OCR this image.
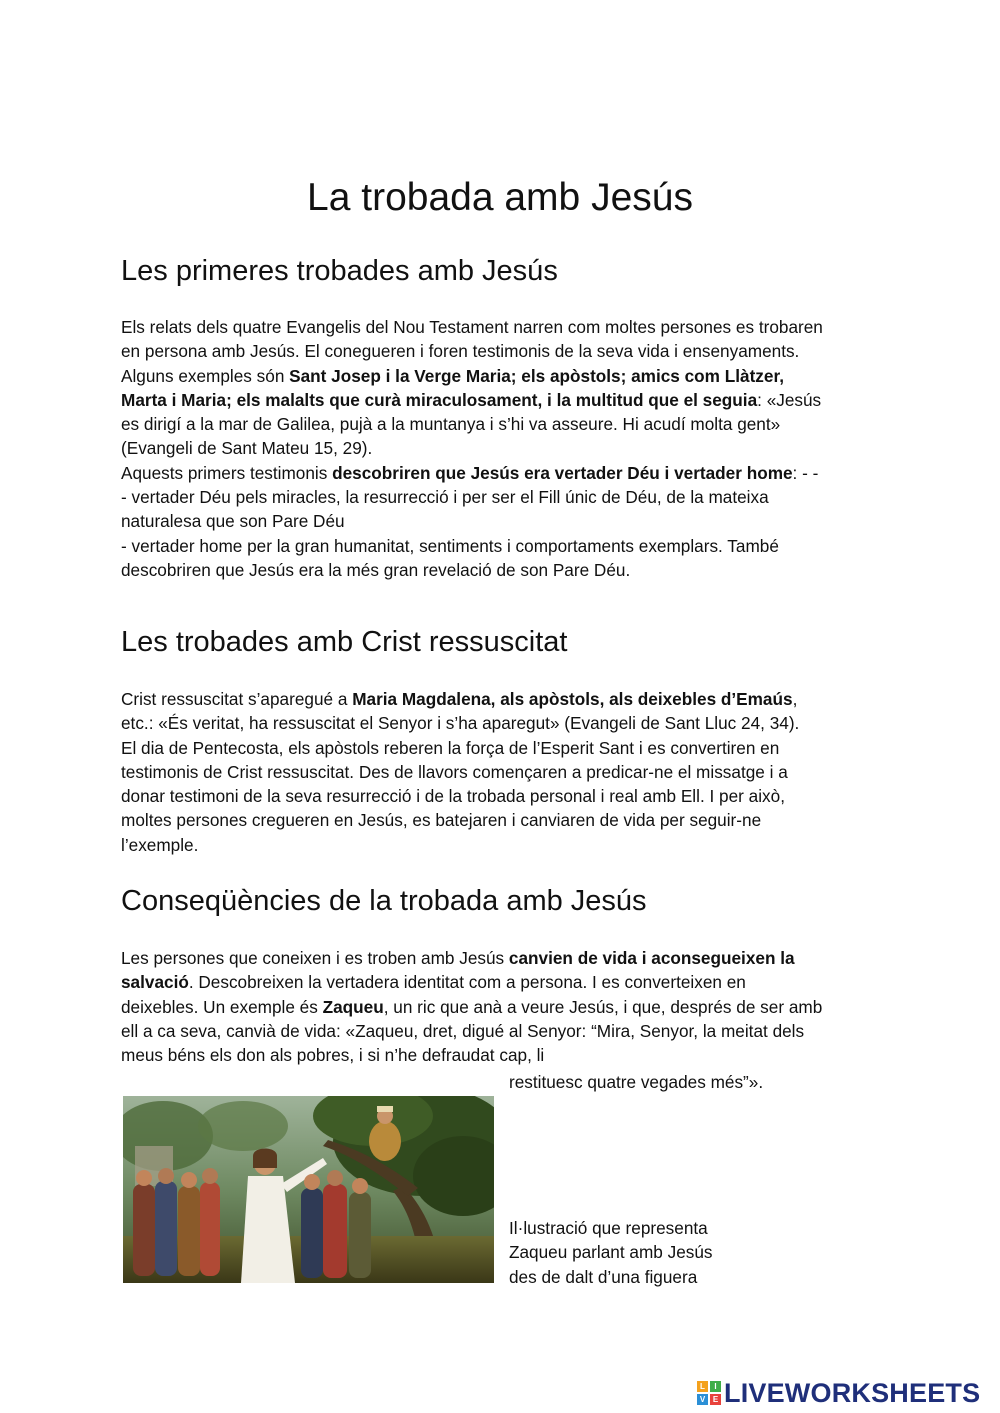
La trobada amb Jesús
Les primeres trobades amb Jesús
Els relats dels quatre Evangelis del Nou Testament narren com moltes persones es trobaren
en persona amb Jesús. El conegueren i foren testimonis de la seva vida i ensenyaments.
Alguns exemples són Sant Josep i la Verge Maria; els apòstols; amics com Llàtzer,
Marta i Maria; els malalts que curà miraculosament, i la multitud que el seguia: «Jesús
es dirigí a la mar de Galilea, pujà a la muntanya i s’hi va asseure. Hi acudí molta gent»
(Evangeli de Sant Mateu 15, 29).
Aquests primers testimonis descobriren que Jesús era vertader Déu i vertader home: - -
- vertader Déu pels miracles, la resurrecció i per ser el Fill únic de Déu, de la mateixa
naturalesa que son Pare Déu
- vertader home per la gran humanitat, sentiments i comportaments exemplars. També
descobriren que Jesús era la més gran revelació de son Pare Déu.
Les trobades amb Crist ressuscitat
Crist ressuscitat s’aparegué a Maria Magdalena, als apòstols, als deixebles d’Emaús,
etc.: «És veritat, ha ressuscitat el Senyor i s’ha aparegut» (Evangeli de Sant Lluc 24, 34).
El dia de Pentecosta, els apòstols reberen la força de l’Esperit Sant i es convertiren en
testimonis de Crist ressuscitat. Des de llavors començaren a predicar-ne el missatge i a
donar testimoni de la seva resurrecció i de la trobada personal i real amb Ell. I per això,
moltes persones cregueren en Jesús, es batejaren i canviaren de vida per seguir-ne
l’exemple.
Conseqüències de la trobada amb Jesús
Les persones que coneixen i es troben amb Jesús canvien de vida i aconsegueixen la
salvació. Descobreixen la vertadera identitat com a persona. I es converteixen en
deixebles. Un exemple és Zaqueu, un ric que anà a veure Jesús, i que, després de ser amb
ell a ca seva, canvià de vida: «Zaqueu, dret, digué al Senyor: “Mira, Senyor, la meitat dels
meus béns els don als pobres, i si n’he defraudat cap, li
restituesc quatre vegades més”».
Il·lustració que representa
Zaqueu parlant amb Jesús
des de dalt d’una figuera
L	I
V E LIVEWORKSHEETS
